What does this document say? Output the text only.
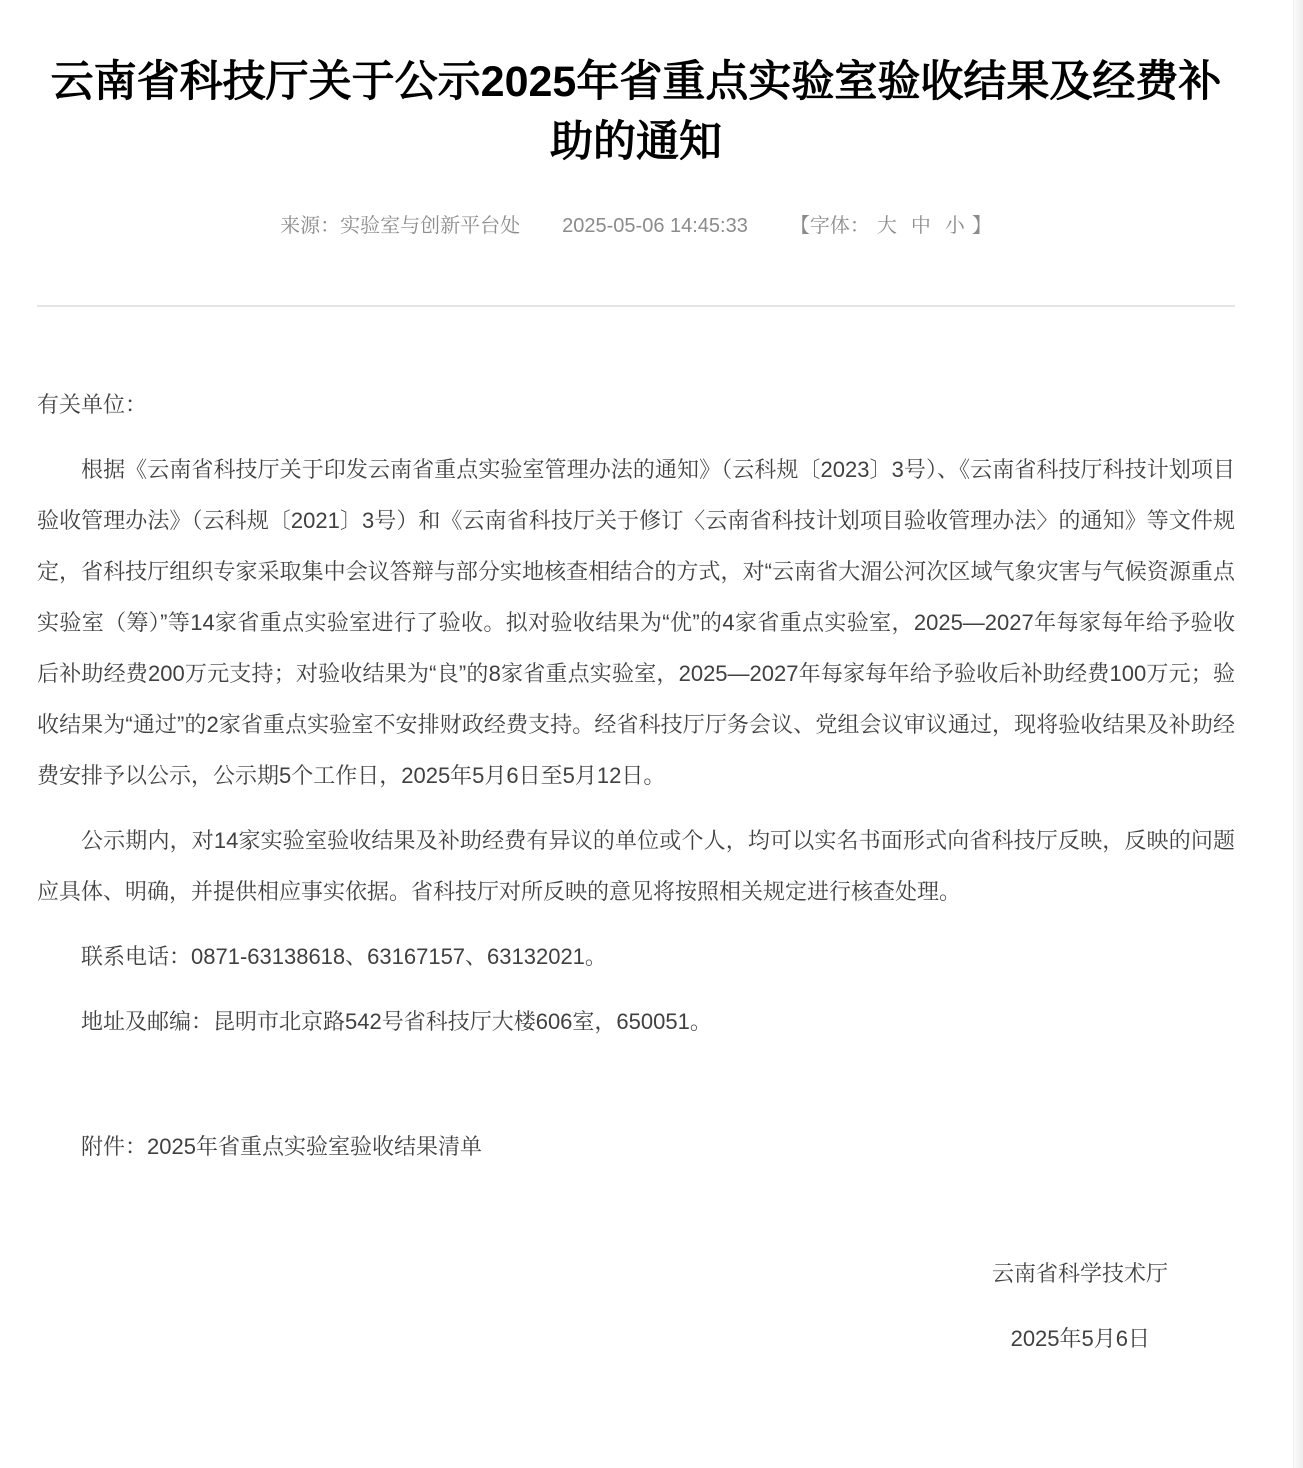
云南省科技厅关于公示2025年省重点实验室验收结果及经费补助的通知
来源：实验室与创新平台处 2025-05-06 14:45:33 【字体： 大 中 小 】

有关单位：

根据《云南省科技厅关于印发云南省重点实验室管理办法的通知》（云科规〔2023〕3号）、《云南省科技厅科技计划项目验收管理办法》（云科规〔2021〕3号）和《云南省科技厅关于修订〈云南省科技计划项目验收管理办法〉的通知》等文件规定，省科技厅组织专家采取集中会议答辩与部分实地核查相结合的方式，对“云南省大湄公河次区域气象灾害与气候资源重点实验室（筹）”等14家省重点实验室进行了验收。拟对验收结果为“优”的4家省重点实验室，2025—2027年每家每年给予验收后补助经费200万元支持；对验收结果为“良”的8家省重点实验室，2025—2027年每家每年给予验收后补助经费100万元；验收结果为“通过”的2家省重点实验室不安排财政经费支持。经省科技厅厅务会议、党组会议审议通过，现将验收结果及补助经费安排予以公示，公示期5个工作日，2025年5月6日至5月12日。

公示期内，对14家实验室验收结果及补助经费有异议的单位或个人，均可以实名书面形式向省科技厅反映，反映的问题应具体、明确，并提供相应事实依据。省科技厅对所反映的意见将按照相关规定进行核查处理。

联系电话：0871-63138618、63167157、63132021。

地址及邮编：昆明市北京路542号省科技厅大楼606室，650051。

附件：2025年省重点实验室验收结果清单

云南省科学技术厅

2025年5月6日
